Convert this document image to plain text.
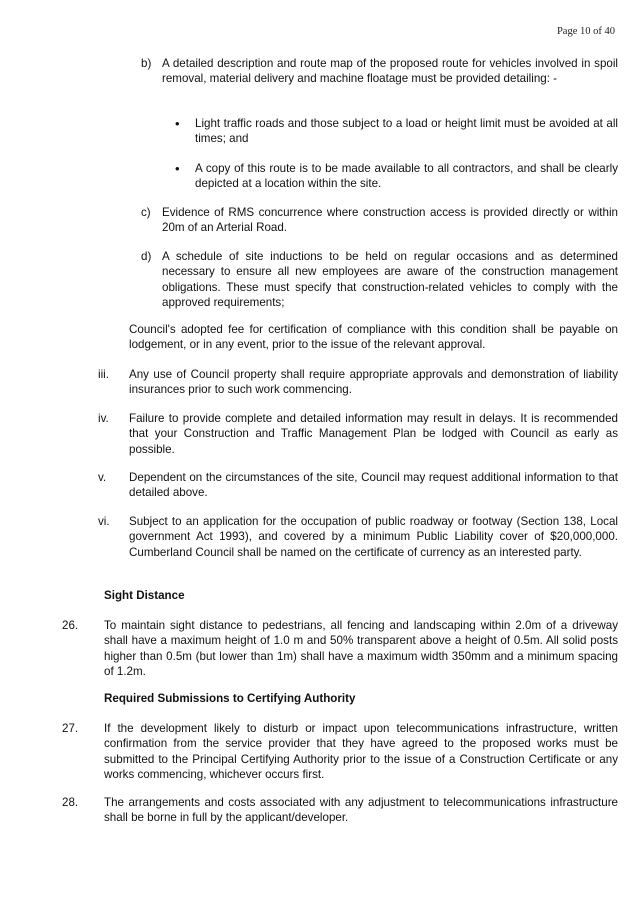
Page 10 of 40
b) A detailed description and route map of the proposed route for vehicles involved in spoil removal, material delivery and machine floatage must be provided detailing: -

• Light traffic roads and those subject to a load or height limit must be avoided at all times; and

• A copy of this route is to be made available to all contractors, and shall be clearly depicted at a location within the site.

c) Evidence of RMS concurrence where construction access is provided directly or within 20m of an Arterial Road.

d) A schedule of site inductions to be held on regular occasions and as determined necessary to ensure all new employees are aware of the construction management obligations. These must specify that construction-related vehicles to comply with the approved requirements;

Council's adopted fee for certification of compliance with this condition shall be payable on lodgement, or in any event, prior to the issue of the relevant approval.

iii. Any use of Council property shall require appropriate approvals and demonstration of liability insurances prior to such work commencing.

iv. Failure to provide complete and detailed information may result in delays. It is recommended that your Construction and Traffic Management Plan be lodged with Council as early as possible.

v. Dependent on the circumstances of the site, Council may request additional information to that detailed above.

vi. Subject to an application for the occupation of public roadway or footway (Section 138, Local government Act 1993), and covered by a minimum Public Liability cover of $20,000,000. Cumberland Council shall be named on the certificate of currency as an interested party.

Sight Distance
26. To maintain sight distance to pedestrians, all fencing and landscaping within 2.0m of a driveway shall have a maximum height of 1.0 m and 50% transparent above a height of 0.5m. All solid posts higher than 0.5m (but lower than 1m) shall have a maximum width 350mm and a minimum spacing of 1.2m.

Required Submissions to Certifying Authority
27. If the development likely to disturb or impact upon telecommunications infrastructure, written confirmation from the service provider that they have agreed to the proposed works must be submitted to the Principal Certifying Authority prior to the issue of a Construction Certificate or any works commencing, whichever occurs first.

28. The arrangements and costs associated with any adjustment to telecommunications infrastructure shall be borne in full by the applicant/developer.
